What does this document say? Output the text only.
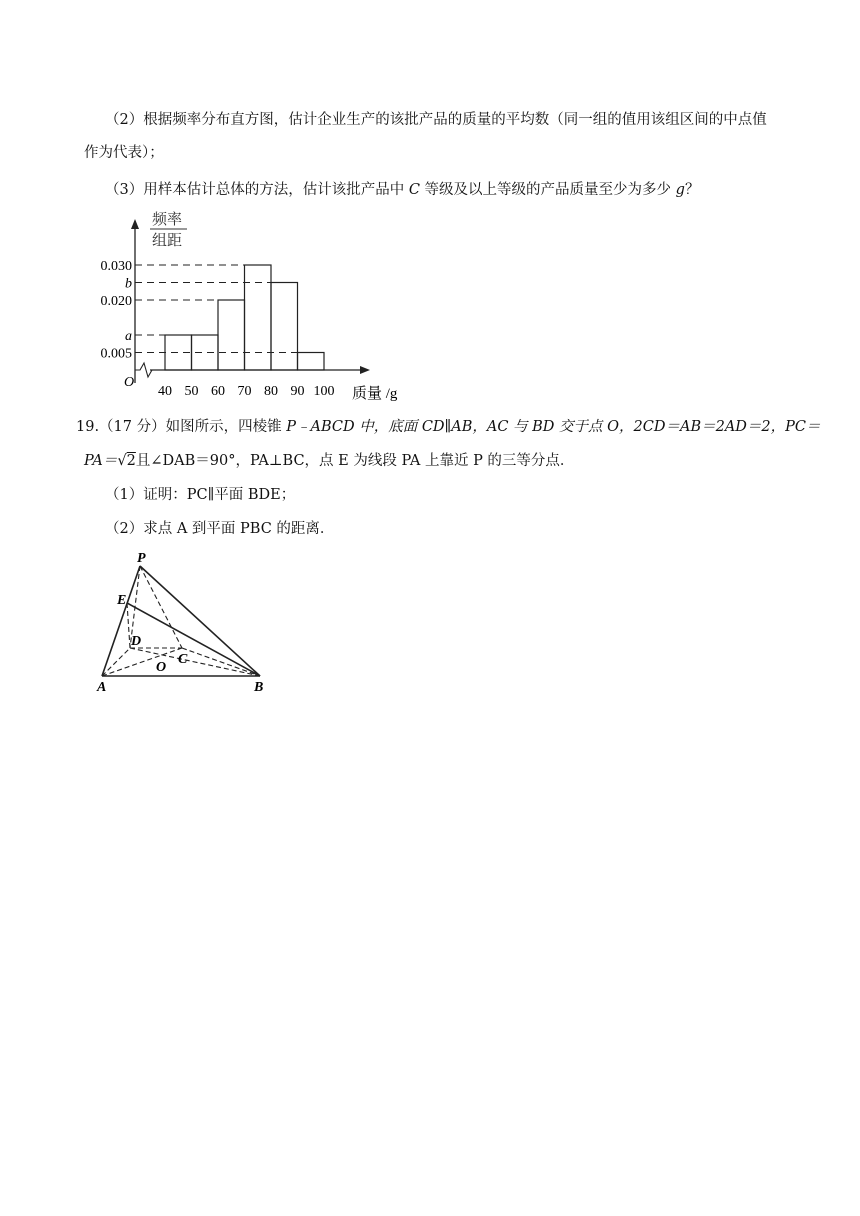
（2）根据频率分布直方图，估计企业生产的该批产品的质量的平均数（同一组的值用该组区间的中点值
作为代表）；
（3）用样本估计总体的方法，估计该批产品中 C 等级及以上等级的产品质量至少为多少 g？
频率
组距
O
0.030
b
0.020
a
0.005
40 50 60 70 80 90 100 质量 /g
19.（17 分）如图所示，四棱锥 P﹣ABCD 中，底面 CD∥AB，AC 与 BD 交于点 O，2CD＝AB＝2AD＝2，PC＝
PA＝√2且∠DAB＝90°，PA⊥BC，点 E 为线段 PA 上靠近 P 的三等分点．
（1）证明：PC∥平面 BDE；
（2）求点 A 到平面 PBC 的距离．
P
E
D
C
O
A	B
